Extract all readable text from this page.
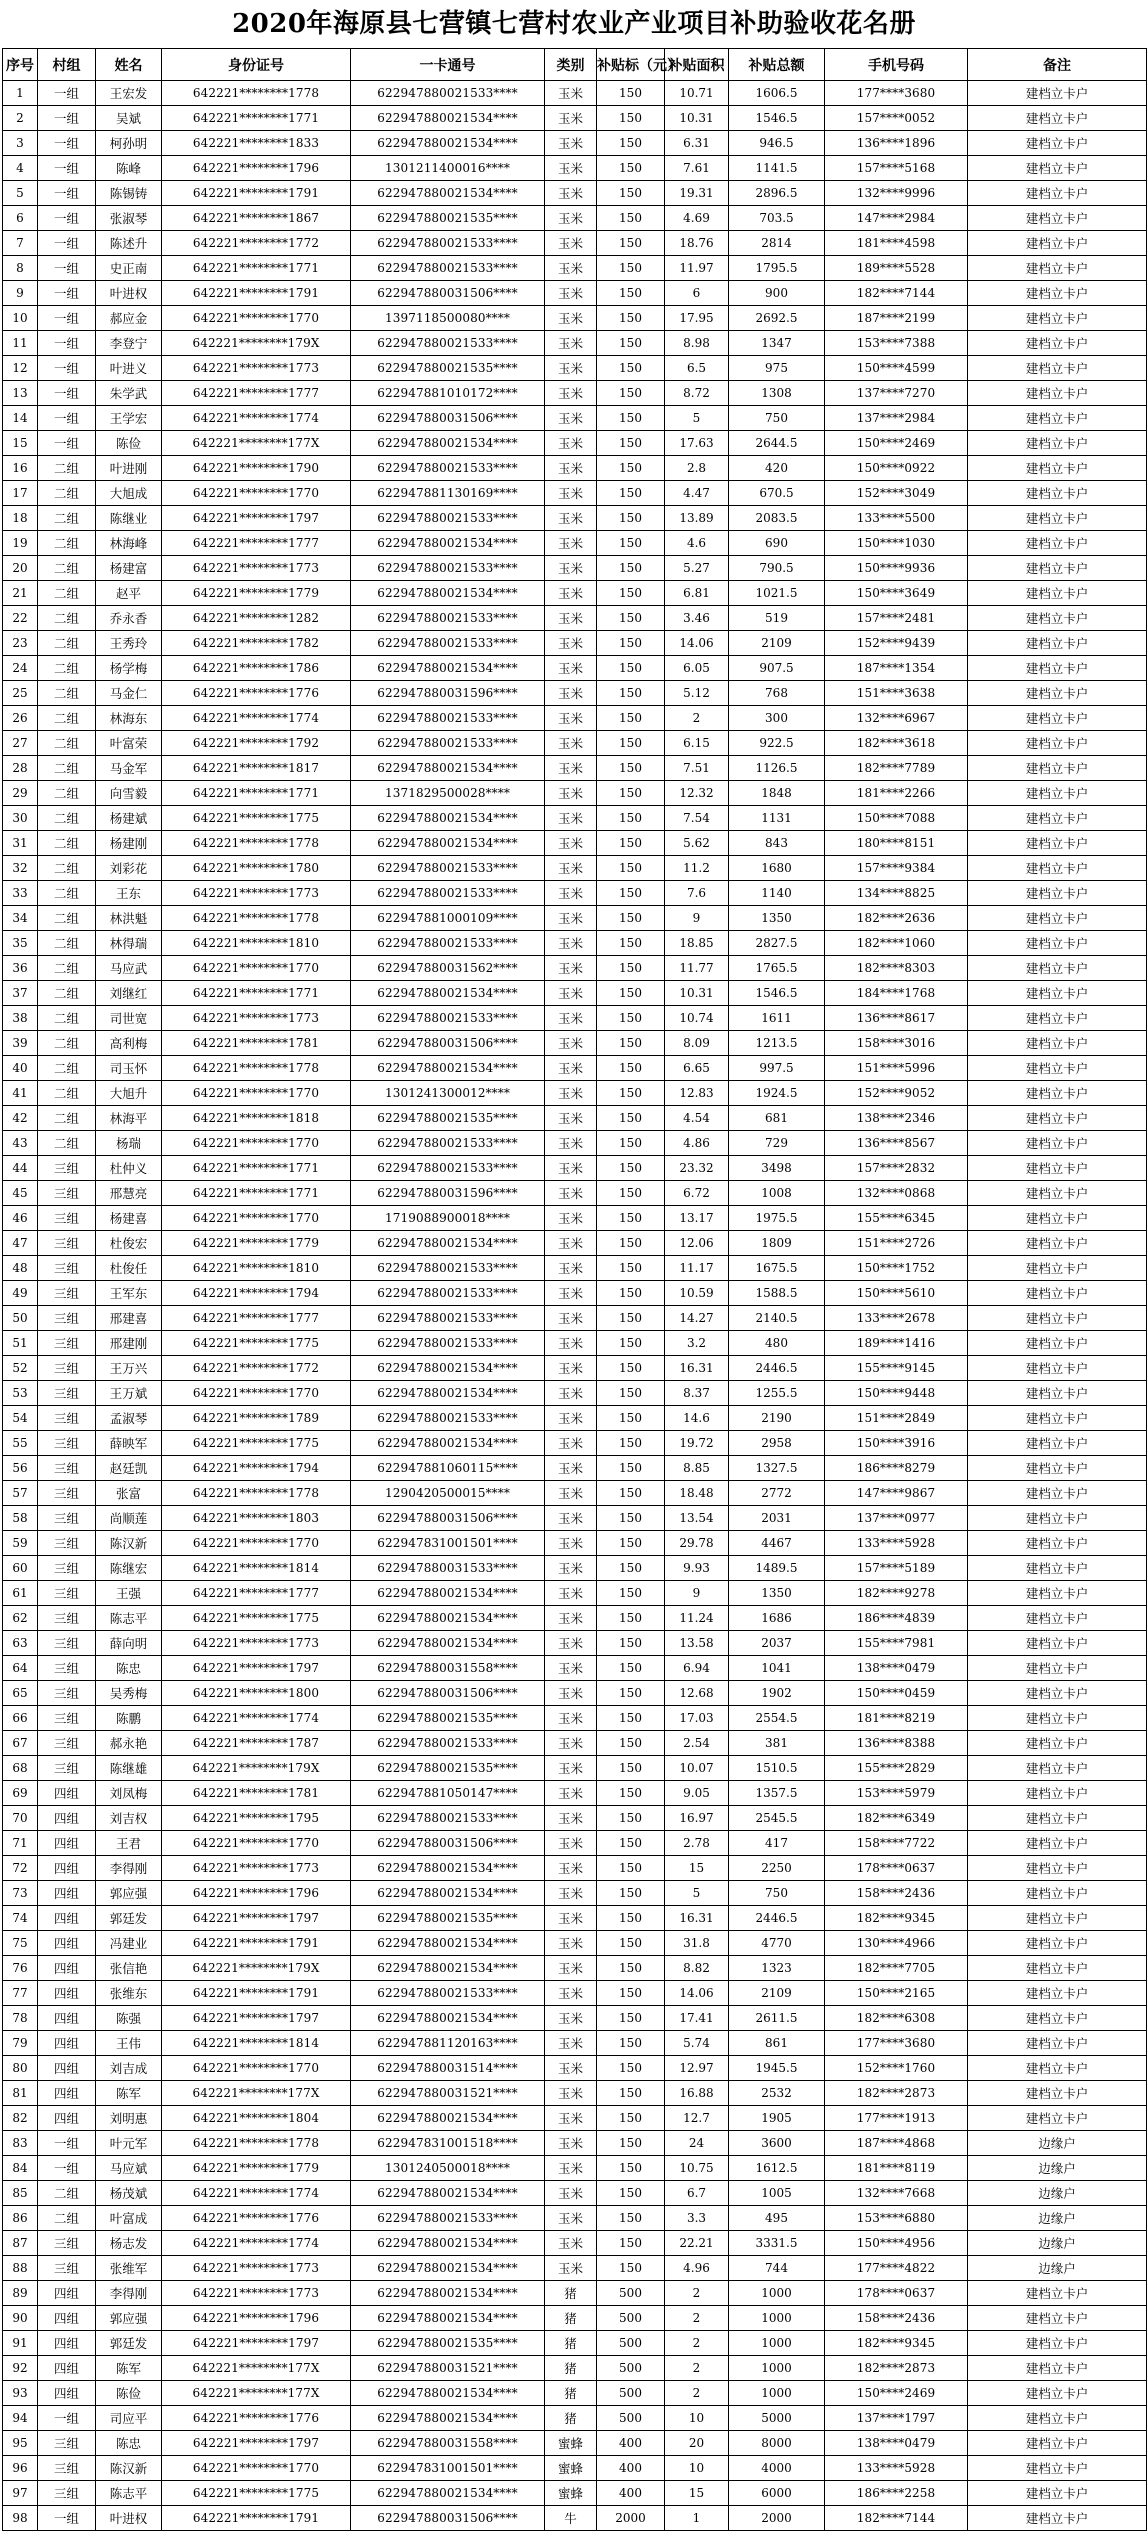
2020年海原县七营镇七营村农业产业项目补助验收花名册
序号	村组	姓名	身份证号	一卡通号	类别	补贴标（元）	补贴面积	补贴总额	手机号码	备注
1	一组	王宏发	642221********1778	622947880021533****	玉米	150	10.71	1606.5	177****3680	建档立卡户
2	一组	吴斌	642221********1771	622947880021534****	玉米	150	10.31	1546.5	157****0052	建档立卡户
3	一组	柯孙明	642221********1833	622947880021534****	玉米	150	6.31	946.5	136****1896	建档立卡户
4	一组	陈峰	642221********1796	1301211400016****	玉米	150	7.61	1141.5	157****5168	建档立卡户
5	一组	陈锡铸	642221********1791	622947880021534****	玉米	150	19.31	2896.5	132****9996	建档立卡户
6	一组	张淑琴	642221********1867	622947880021535****	玉米	150	4.69	703.5	147****2984	建档立卡户
7	一组	陈述升	642221********1772	622947880021533****	玉米	150	18.76	2814	181****4598	建档立卡户
8	一组	史正南	642221********1771	622947880021533****	玉米	150	11.97	1795.5	189****5528	建档立卡户
9	一组	叶进权	642221********1791	622947880031506****	玉米	150	6	900	182****7144	建档立卡户
10	一组	郝应金	642221********1770	1397118500080****	玉米	150	17.95	2692.5	187****2199	建档立卡户
11	一组	李登宁	642221********179X	622947880021533****	玉米	150	8.98	1347	153****7388	建档立卡户
12	一组	叶进义	642221********1773	622947880021535****	玉米	150	6.5	975	150****4599	建档立卡户
13	一组	朱学武	642221********1777	622947881010172****	玉米	150	8.72	1308	137****7270	建档立卡户
14	一组	王学宏	642221********1774	622947880031506****	玉米	150	5	750	137****2984	建档立卡户
15	一组	陈俭	642221********177X	622947880021534****	玉米	150	17.63	2644.5	150****2469	建档立卡户
16	二组	叶进刚	642221********1790	622947880021533****	玉米	150	2.8	420	150****0922	建档立卡户
17	二组	大旭成	642221********1770	622947881130169****	玉米	150	4.47	670.5	152****3049	建档立卡户
18	二组	陈继业	642221********1797	622947880021533****	玉米	150	13.89	2083.5	133****5500	建档立卡户
19	二组	林海峰	642221********1777	622947880021534****	玉米	150	4.6	690	150****1030	建档立卡户
20	二组	杨建富	642221********1773	622947880021533****	玉米	150	5.27	790.5	150****9936	建档立卡户
21	二组	赵平	642221********1779	622947880021534****	玉米	150	6.81	1021.5	150****3649	建档立卡户
22	二组	乔永香	642221********1282	622947880021533****	玉米	150	3.46	519	157****2481	建档立卡户
23	二组	王秀玲	642221********1782	622947880021533****	玉米	150	14.06	2109	152****9439	建档立卡户
24	二组	杨学梅	642221********1786	622947880021534****	玉米	150	6.05	907.5	187****1354	建档立卡户
25	二组	马金仁	642221********1776	622947880031596****	玉米	150	5.12	768	151****3638	建档立卡户
26	二组	林海东	642221********1774	622947880021533****	玉米	150	2	300	132****6967	建档立卡户
27	二组	叶富荣	642221********1792	622947880021533****	玉米	150	6.15	922.5	182****3618	建档立卡户
28	二组	马金军	642221********1817	622947880021534****	玉米	150	7.51	1126.5	182****7789	建档立卡户
29	二组	向雪毅	642221********1771	1371829500028****	玉米	150	12.32	1848	181****2266	建档立卡户
30	二组	杨建斌	642221********1775	622947880021534****	玉米	150	7.54	1131	150****7088	建档立卡户
31	二组	杨建刚	642221********1778	622947880021534****	玉米	150	5.62	843	180****8151	建档立卡户
32	二组	刘彩花	642221********1780	622947880021533****	玉米	150	11.2	1680	157****9384	建档立卡户
33	二组	王东	642221********1773	622947880021533****	玉米	150	7.6	1140	134****8825	建档立卡户
34	二组	林洪魁	642221********1778	622947881000109****	玉米	150	9	1350	182****2636	建档立卡户
35	二组	林得瑞	642221********1810	622947880021533****	玉米	150	18.85	2827.5	182****1060	建档立卡户
36	二组	马应武	642221********1770	622947880031562****	玉米	150	11.77	1765.5	182****8303	建档立卡户
37	二组	刘继红	642221********1771	622947880021534****	玉米	150	10.31	1546.5	184****1768	建档立卡户
38	二组	司世宽	642221********1773	622947880021533****	玉米	150	10.74	1611	136****8617	建档立卡户
39	二组	高利梅	642221********1781	622947880031506****	玉米	150	8.09	1213.5	158****3016	建档立卡户
40	二组	司玉怀	642221********1778	622947880021534****	玉米	150	6.65	997.5	151****5996	建档立卡户
41	二组	大旭升	642221********1770	1301241300012****	玉米	150	12.83	1924.5	152****9052	建档立卡户
42	二组	林海平	642221********1818	622947880021535****	玉米	150	4.54	681	138****2346	建档立卡户
43	二组	杨瑞	642221********1770	622947880021533****	玉米	150	4.86	729	136****8567	建档立卡户
44	三组	杜仲义	642221********1771	622947880021533****	玉米	150	23.32	3498	157****2832	建档立卡户
45	三组	邢慧亮	642221********1771	622947880031596****	玉米	150	6.72	1008	132****0868	建档立卡户
46	三组	杨建喜	642221********1770	1719088900018****	玉米	150	13.17	1975.5	155****6345	建档立卡户
47	三组	杜俊宏	642221********1779	622947880021534****	玉米	150	12.06	1809	151****2726	建档立卡户
48	三组	杜俊任	642221********1810	622947880021533****	玉米	150	11.17	1675.5	150****1752	建档立卡户
49	三组	王军东	642221********1794	622947880021533****	玉米	150	10.59	1588.5	150****5610	建档立卡户
50	三组	邢建喜	642221********1777	622947880021533****	玉米	150	14.27	2140.5	133****2678	建档立卡户
51	三组	邢建刚	642221********1775	622947880021533****	玉米	150	3.2	480	189****1416	建档立卡户
52	三组	王万兴	642221********1772	622947880021534****	玉米	150	16.31	2446.5	155****9145	建档立卡户
53	三组	王万斌	642221********1770	622947880021534****	玉米	150	8.37	1255.5	150****9448	建档立卡户
54	三组	孟淑琴	642221********1789	622947880021533****	玉米	150	14.6	2190	151****2849	建档立卡户
55	三组	薛映军	642221********1775	622947880021534****	玉米	150	19.72	2958	150****3916	建档立卡户
56	三组	赵廷凯	642221********1794	622947881060115****	玉米	150	8.85	1327.5	186****8279	建档立卡户
57	三组	张富	642221********1778	1290420500015****	玉米	150	18.48	2772	147****9867	建档立卡户
58	三组	尚顺莲	642221********1803	622947880031506****	玉米	150	13.54	2031	137****0977	建档立卡户
59	三组	陈汉新	642221********1770	622947831001501****	玉米	150	29.78	4467	133****5928	建档立卡户
60	三组	陈继宏	642221********1814	622947880031533****	玉米	150	9.93	1489.5	157****5189	建档立卡户
61	三组	王强	642221********1777	622947880021534****	玉米	150	9	1350	182****9278	建档立卡户
62	三组	陈志平	642221********1775	622947880021534****	玉米	150	11.24	1686	186****4839	建档立卡户
63	三组	薛向明	642221********1773	622947880021534****	玉米	150	13.58	2037	155****7981	建档立卡户
64	三组	陈忠	642221********1797	622947880031558****	玉米	150	6.94	1041	138****0479	建档立卡户
65	三组	吴秀梅	642221********1800	622947880031506****	玉米	150	12.68	1902	150****0459	建档立卡户
66	三组	陈鹏	642221********1774	622947880021535****	玉米	150	17.03	2554.5	181****8219	建档立卡户
67	三组	郝永艳	642221********1787	622947880021533****	玉米	150	2.54	381	136****8388	建档立卡户
68	三组	陈继雄	642221********179X	622947880021535****	玉米	150	10.07	1510.5	155****2829	建档立卡户
69	四组	刘凤梅	642221********1781	622947881050147****	玉米	150	9.05	1357.5	153****5979	建档立卡户
70	四组	刘吉权	642221********1795	622947880021533****	玉米	150	16.97	2545.5	182****6349	建档立卡户
71	四组	王君	642221********1770	622947880031506****	玉米	150	2.78	417	158****7722	建档立卡户
72	四组	李得刚	642221********1773	622947880021534****	玉米	150	15	2250	178****0637	建档立卡户
73	四组	郭应强	642221********1796	622947880021534****	玉米	150	5	750	158****2436	建档立卡户
74	四组	郭廷发	642221********1797	622947880021535****	玉米	150	16.31	2446.5	182****9345	建档立卡户
75	四组	冯建业	642221********1791	622947880021534****	玉米	150	31.8	4770	130****4966	建档立卡户
76	四组	张信艳	642221********179X	622947880021534****	玉米	150	8.82	1323	182****7705	建档立卡户
77	四组	张维东	642221********1791	622947880021533****	玉米	150	14.06	2109	150****2165	建档立卡户
78	四组	陈强	642221********1797	622947880021534****	玉米	150	17.41	2611.5	182****6308	建档立卡户
79	四组	王伟	642221********1814	622947881120163****	玉米	150	5.74	861	177****3680	建档立卡户
80	四组	刘吉成	642221********1770	622947880031514****	玉米	150	12.97	1945.5	152****1760	建档立卡户
81	四组	陈军	642221********177X	622947880031521****	玉米	150	16.88	2532	182****2873	建档立卡户
82	四组	刘明惠	642221********1804	622947880021534****	玉米	150	12.7	1905	177****1913	建档立卡户
83	一组	叶元军	642221********1778	622947831001518****	玉米	150	24	3600	187****4868	边缘户
84	一组	马应斌	642221********1779	1301240500018****	玉米	150	10.75	1612.5	181****8119	边缘户
85	二组	杨茂斌	642221********1774	622947880021534****	玉米	150	6.7	1005	132****7668	边缘户
86	二组	叶富成	642221********1776	622947880021533****	玉米	150	3.3	495	153****6880	边缘户
87	三组	杨志发	642221********1774	622947880021534****	玉米	150	22.21	3331.5	150****4956	边缘户
88	三组	张维军	642221********1773	622947880021534****	玉米	150	4.96	744	177****4822	边缘户
89	四组	李得刚	642221********1773	622947880021534****	猪	500	2	1000	178****0637	建档立卡户
90	四组	郭应强	642221********1796	622947880021534****	猪	500	2	1000	158****2436	建档立卡户
91	四组	郭廷发	642221********1797	622947880021535****	猪	500	2	1000	182****9345	建档立卡户
92	四组	陈军	642221********177X	622947880031521****	猪	500	2	1000	182****2873	建档立卡户
93	四组	陈俭	642221********177X	622947880021534****	猪	500	2	1000	150****2469	建档立卡户
94	一组	司应平	642221********1776	622947880021534****	猪	500	10	5000	137****1797	建档立卡户
95	三组	陈忠	642221********1797	622947880031558****	蜜蜂	400	20	8000	138****0479	建档立卡户
96	三组	陈汉新	642221********1770	622947831001501****	蜜蜂	400	10	4000	133****5928	建档立卡户
97	三组	陈志平	642221********1775	622947880021534****	蜜蜂	400	15	6000	186****2258	建档立卡户
98	一组	叶进权	642221********1791	622947880031506****	牛	2000	1	2000	182****7144	建档立卡户
